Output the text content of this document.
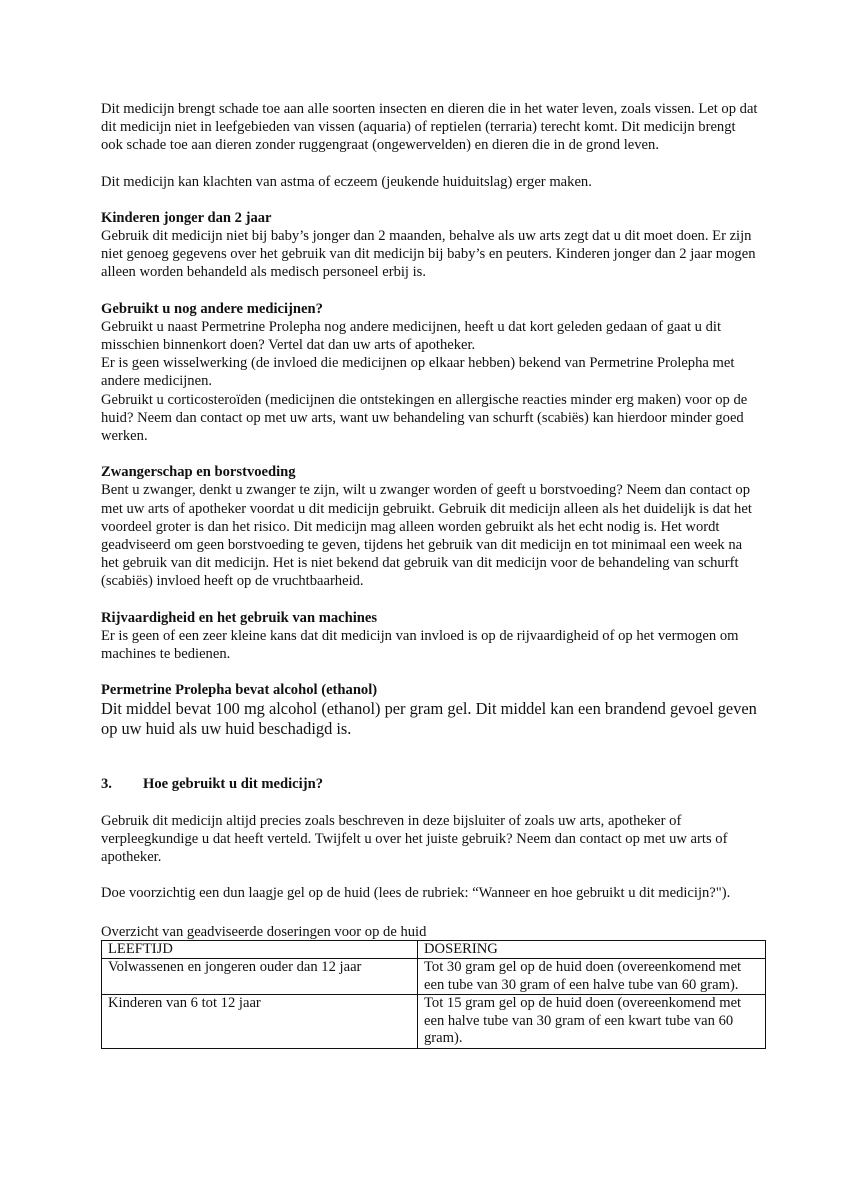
Dit medicijn brengt schade toe aan alle soorten insecten en dieren die in het water leven, zoals vissen. Let op dat dit medicijn niet in leefgebieden van vissen (aquaria) of reptielen (terraria) terecht komt. Dit medicijn brengt ook schade toe aan dieren zonder ruggengraat (ongewervelden) en dieren die in de grond leven.

Dit medicijn kan klachten van astma of eczeem (jeukende huiduitslag) erger maken.

Kinderen jonger dan 2 jaar

Gebruik dit medicijn niet bij baby’s jonger dan 2 maanden, behalve als uw arts zegt dat u dit moet doen. Er zijn niet genoeg gegevens over het gebruik van dit medicijn bij baby’s en peuters. Kinderen jonger dan 2 jaar mogen alleen worden behandeld als medisch personeel erbij is.

Gebruikt u nog andere medicijnen?

Gebruikt u naast Permetrine Prolepha nog andere medicijnen, heeft u dat kort geleden gedaan of gaat u dit misschien binnenkort doen? Vertel dat dan uw arts of apotheker.

Er is geen wisselwerking (de invloed die medicijnen op elkaar hebben) bekend van Permetrine Prolepha met andere medicijnen.

Gebruikt u corticosteroïden (medicijnen die ontstekingen en allergische reacties minder erg maken) voor op de huid? Neem dan contact op met uw arts, want uw behandeling van schurft (scabiës) kan hierdoor minder goed werken.

Zwangerschap en borstvoeding

Bent u zwanger, denkt u zwanger te zijn, wilt u zwanger worden of geeft u borstvoeding? Neem dan contact op met uw arts of apotheker voordat u dit medicijn gebruikt. Gebruik dit medicijn alleen als het duidelijk is dat het voordeel groter is dan het risico. Dit medicijn mag alleen worden gebruikt als het echt nodig is. Het wordt geadviseerd om geen borstvoeding te geven, tijdens het gebruik van dit medicijn en tot minimaal een week na het gebruik van dit medicijn. Het is niet bekend dat gebruik van dit medicijn voor de behandeling van schurft (scabiës) invloed heeft op de vruchtbaarheid.

Rijvaardigheid en het gebruik van machines

Er is geen of een zeer kleine kans dat dit medicijn van invloed is op de rijvaardigheid of op het vermogen om machines te bedienen.

Permetrine Prolepha bevat alcohol (ethanol)

Dit middel bevat 100 mg alcohol (ethanol) per gram gel. Dit middel kan een brandend gevoel geven op uw huid als uw huid beschadigd is.

3.	Hoe gebruikt u dit medicijn?

Gebruik dit medicijn altijd precies zoals beschreven in deze bijsluiter of zoals uw arts, apotheker of verpleegkundige u dat heeft verteld. Twijfelt u over het juiste gebruik? Neem dan contact op met uw arts of apotheker.

Doe voorzichtig een dun laagje gel op de huid (lees de rubriek: “Wanneer en hoe gebruikt u dit medicijn?").

Overzicht van geadviseerde doseringen voor op de huid

LEEFTIJD	DOSERING
Volwassenen en jongeren ouder dan 12 jaar	Tot 30 gram gel op de huid doen (overeenkomend met een tube van 30 gram of een halve tube van 60 gram).
Kinderen van 6 tot 12 jaar	Tot 15 gram gel op de huid doen (overeenkomend met een halve tube van 30 gram of een kwart tube van 60 gram).
